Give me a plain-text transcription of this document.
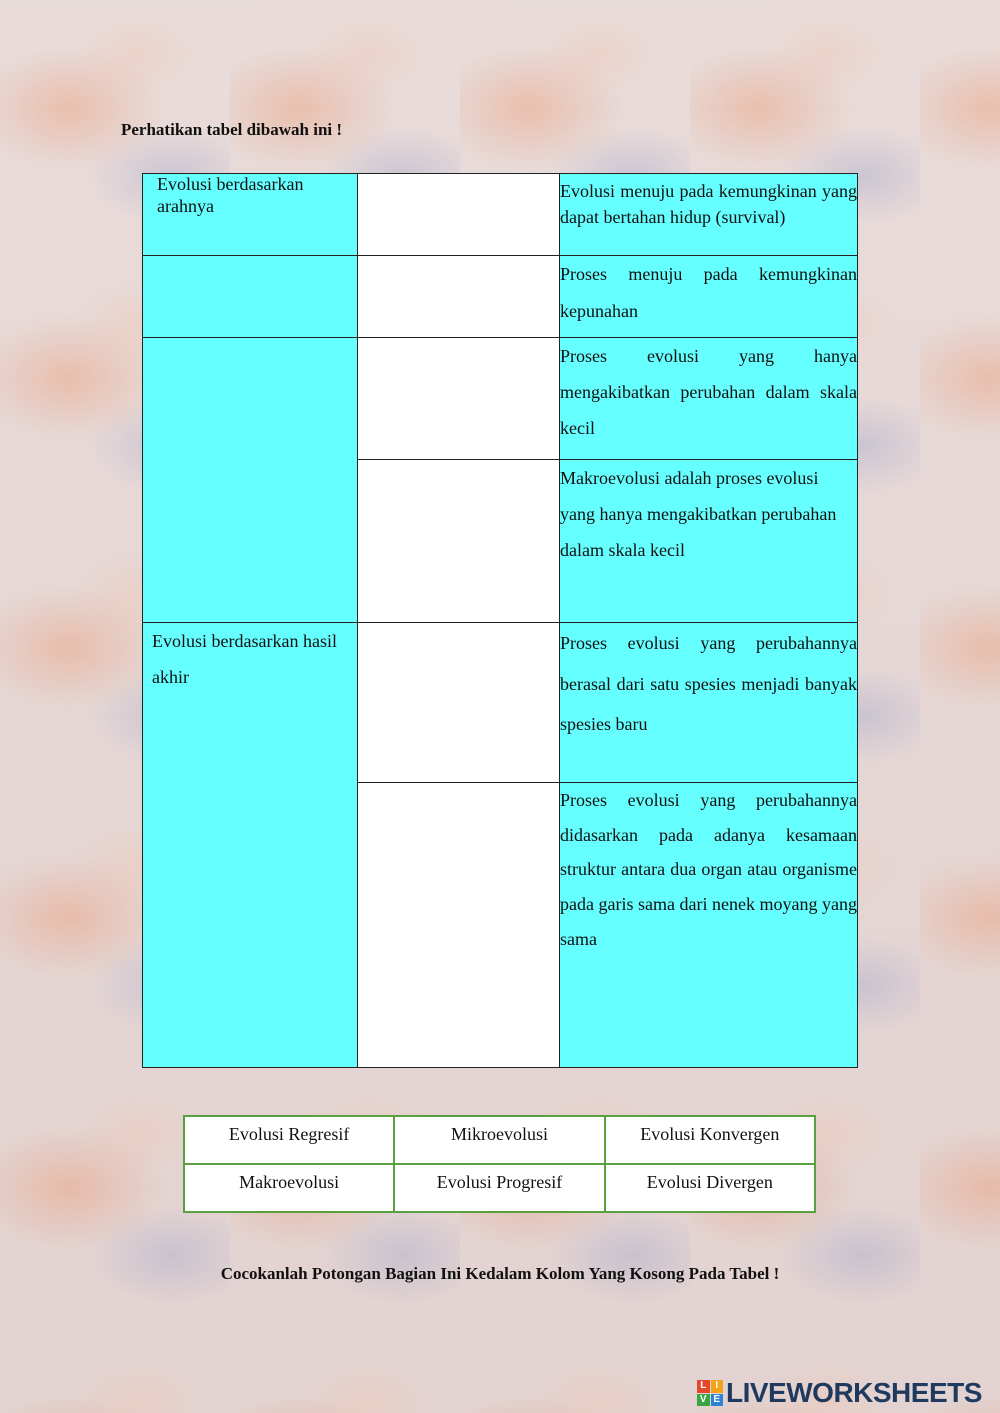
Perhatikan tabel dibawah ini !
Evolusi berdasarkan arahnya		Evolusi menuju pada kemungkinan yang dapat bertahan hidup (survival)
		Proses menuju pada kemungkinan kepunahan
		Proses evolusi yang hanya mengakibatkan perubahan dalam skala kecil
		Makroevolusi adalah proses evolusi yang hanya mengakibatkan perubahan dalam skala kecil
Evolusi berdasarkan hasil akhir		Proses evolusi yang perubahannya berasal dari satu spesies menjadi banyak spesies baru
		Proses evolusi yang perubahannya didasarkan pada adanya kesamaan struktur antara dua organ atau organisme pada garis sama dari nenek moyang yang sama
Evolusi Regresif	Mikroevolusi	Evolusi Konvergen
Makroevolusi	Evolusi Progresif	Evolusi Divergen
Cocokanlah Potongan Bagian Ini Kedalam Kolom Yang Kosong Pada Tabel !
L I
V E LIVEWORKSHEETS
